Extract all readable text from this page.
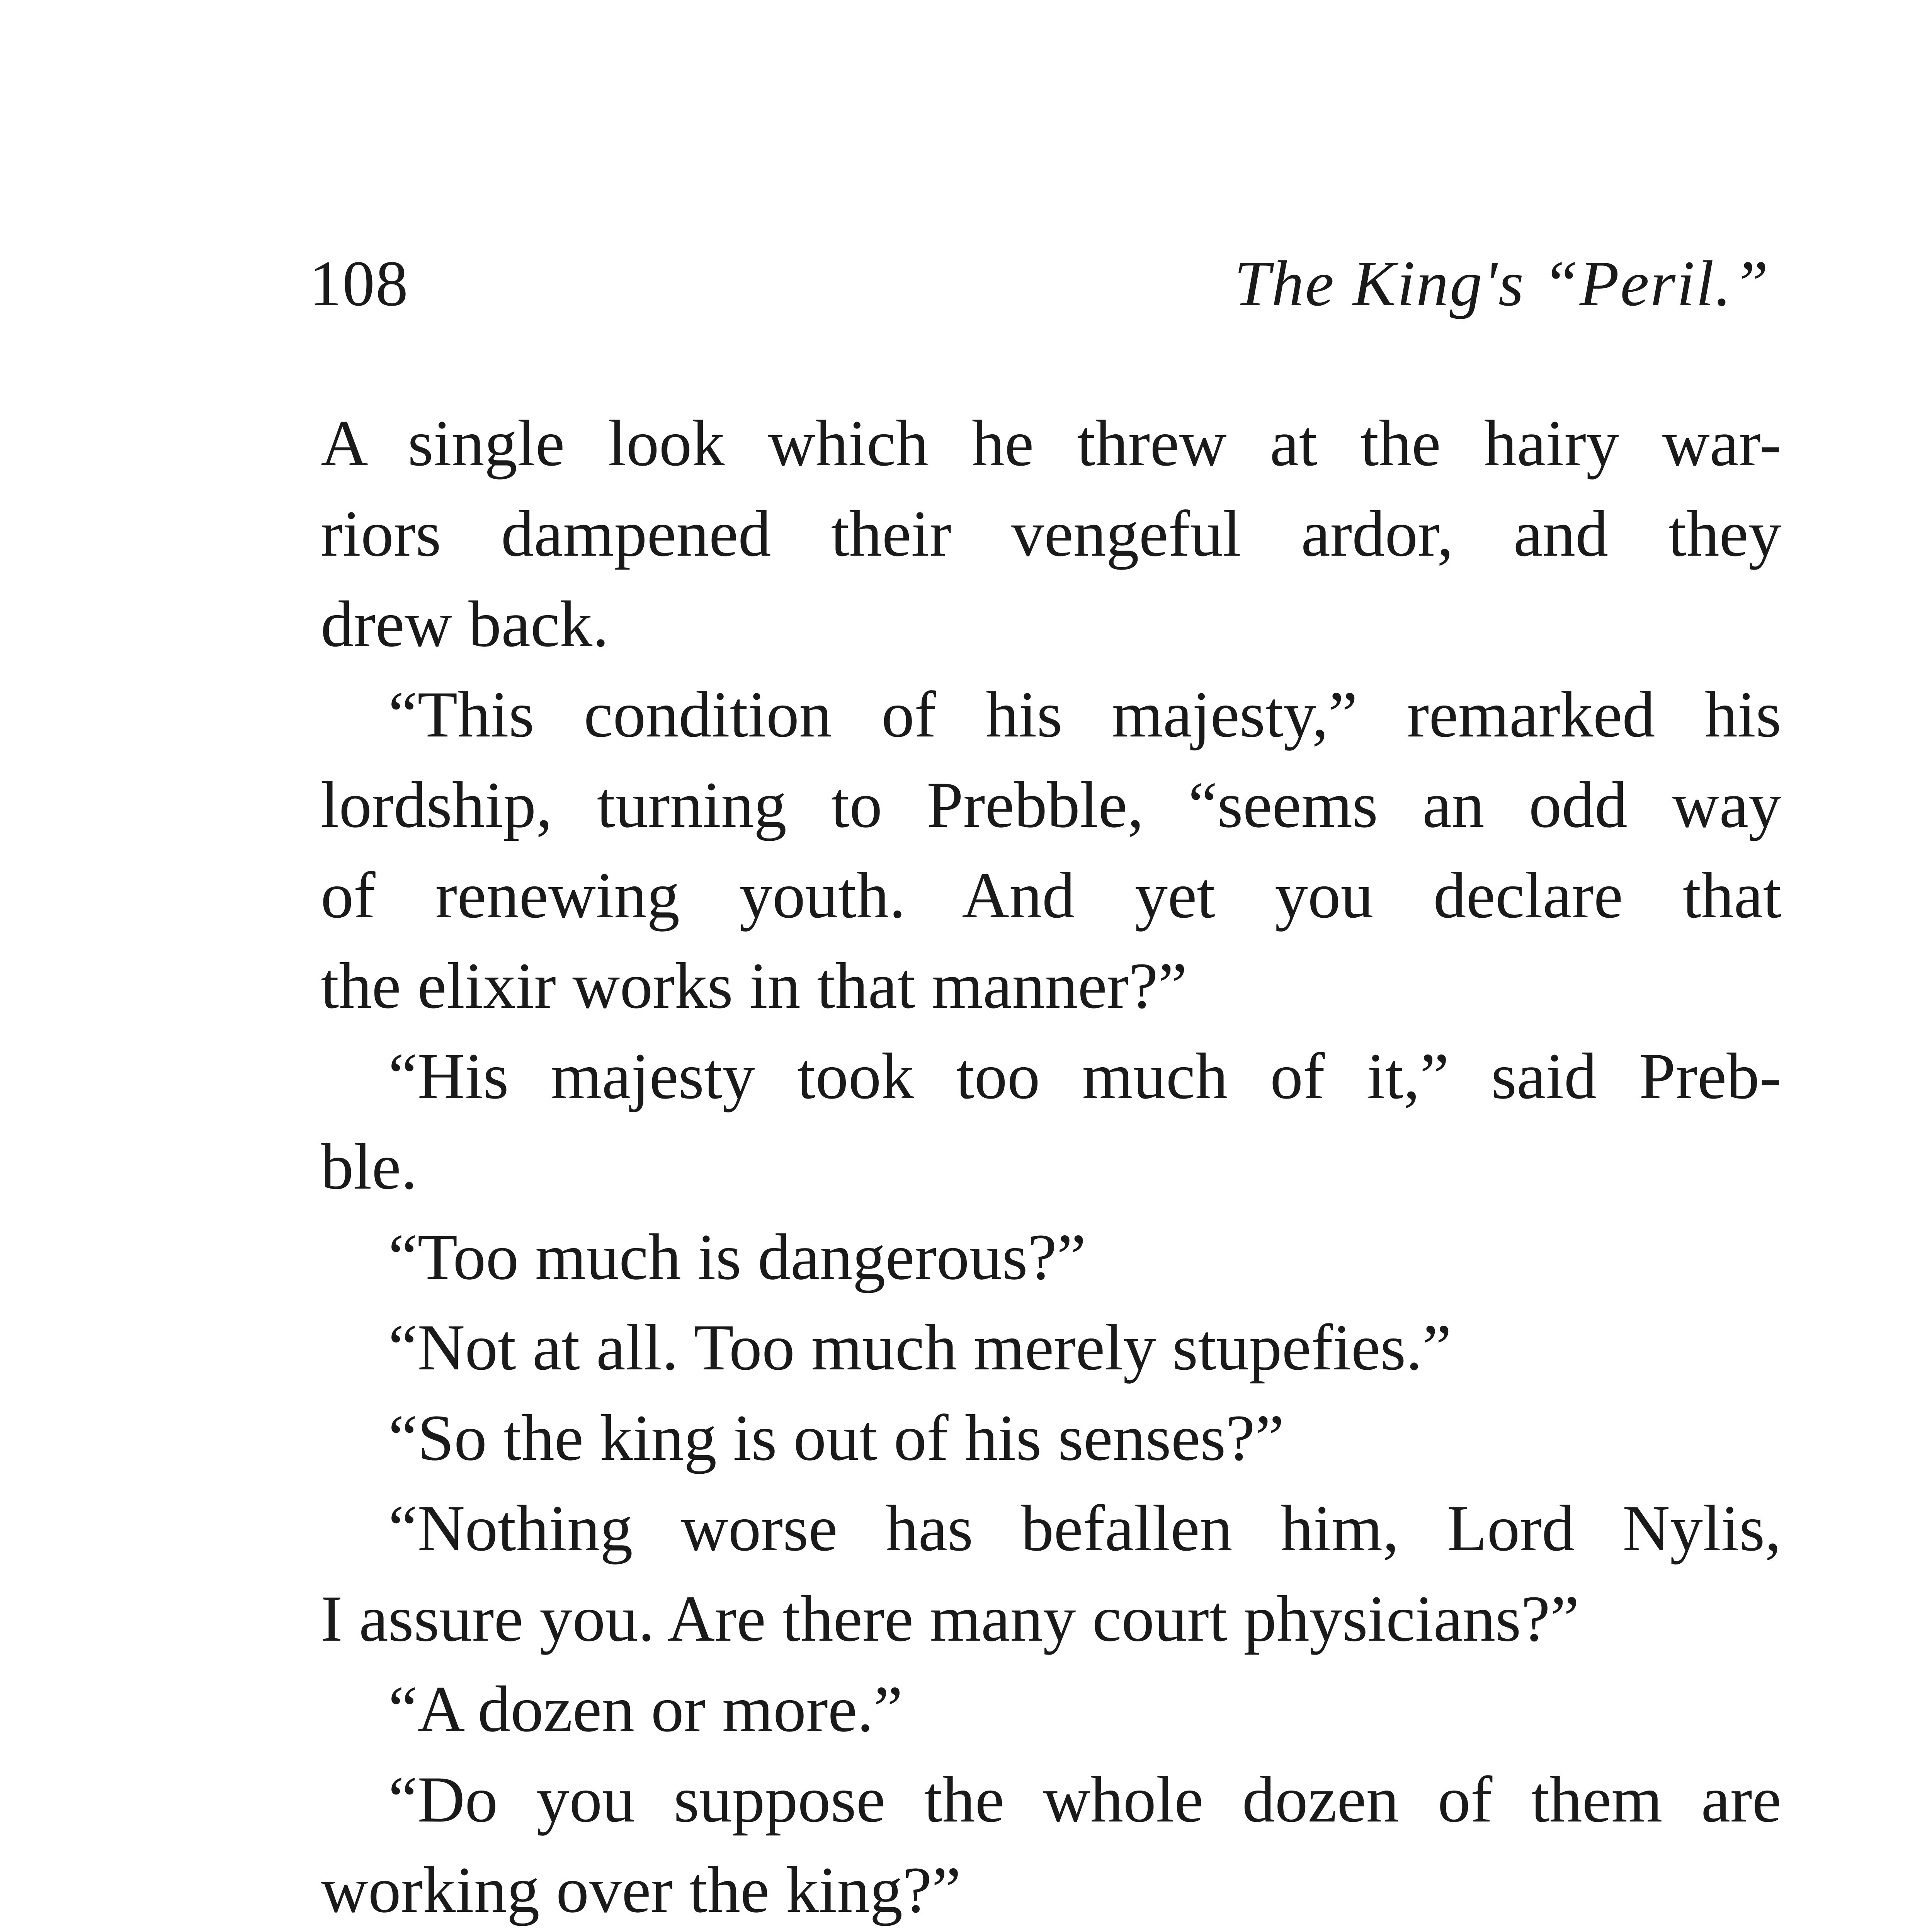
108	The King's “Peril.”
A single look which he threw at the hairy war-
riors dampened their vengeful ardor, and they
drew back.
“This condition of his majesty,” remarked his
lordship, turning to Prebble, “seems an odd way
of renewing youth. And yet you declare that
the elixir works in that manner?”
“His majesty took too much of it,” said Preb-
ble.
“Too much is dangerous?”
“Not at all. Too much merely stupefies.”
“So the king is out of his senses?”
“Nothing worse has befallen him, Lord Nylis,
I assure you. Are there many court physicians?”
“A dozen or more.”
“Do you suppose the whole dozen of them are
working over the king?”
